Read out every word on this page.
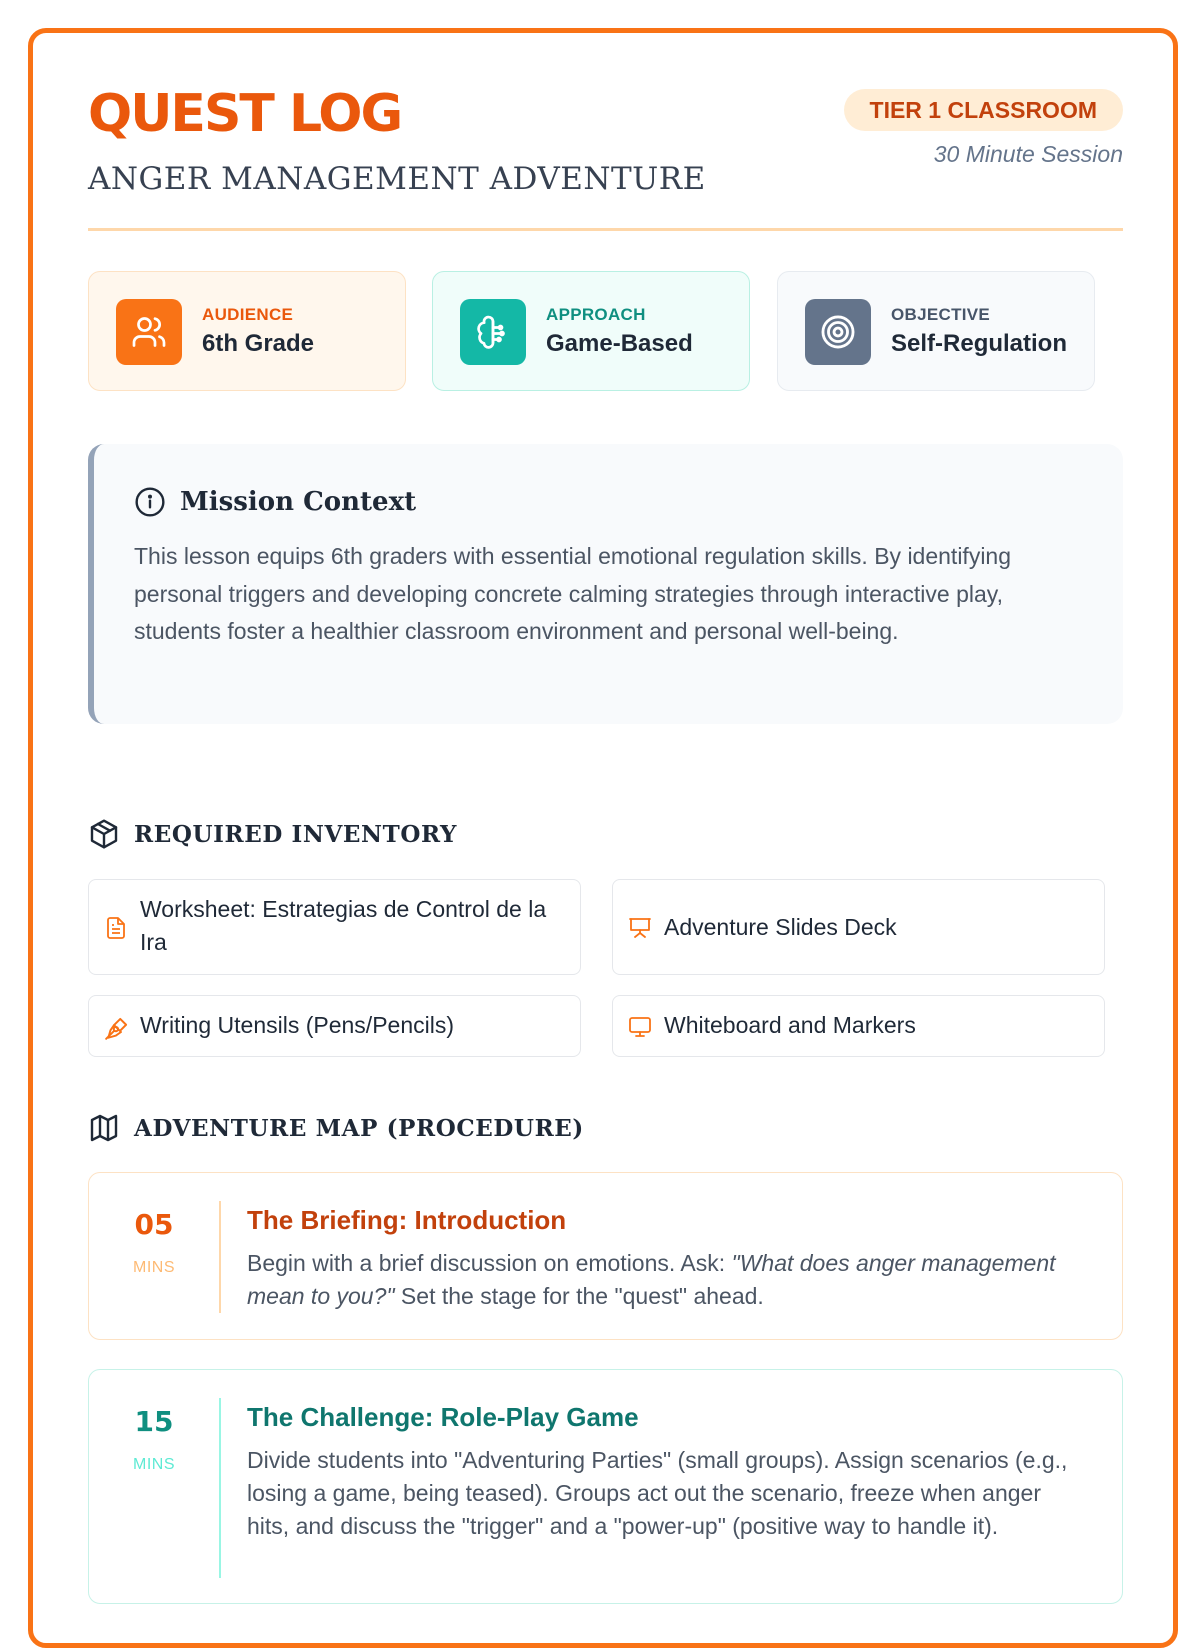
QUEST LOG
ANGER MANAGEMENT ADVENTURE
TIER 1 CLASSROOM
30 Minute Session
AUDIENCE
6th Grade
APPROACH
Game-Based
OBJECTIVE
Self-Regulation
Mission Context

This lesson equips 6th graders with essential emotional regulation skills. By identifying personal triggers and developing concrete calming strategies through interactive play, students foster a healthier classroom environment and personal well-being.

REQUIRED INVENTORY
Worksheet: Estrategias de Control de la Ira
Adventure Slides Deck
Writing Utensils (Pens/Pencils)	Whiteboard and Markers
ADVENTURE MAP (PROCEDURE)
05
MINS
The Briefing: Introduction
Begin with a brief discussion on emotions. Ask: "What does anger management mean to you?" Set the stage for the "quest" ahead.
15
MINS
The Challenge: Role-Play Game
Divide students into "Adventuring Parties" (small groups). Assign scenarios (e.g., losing a game, being teased). Groups act out the scenario, freeze when anger hits, and discuss the "trigger" and a "power-up" (positive way to handle it).
